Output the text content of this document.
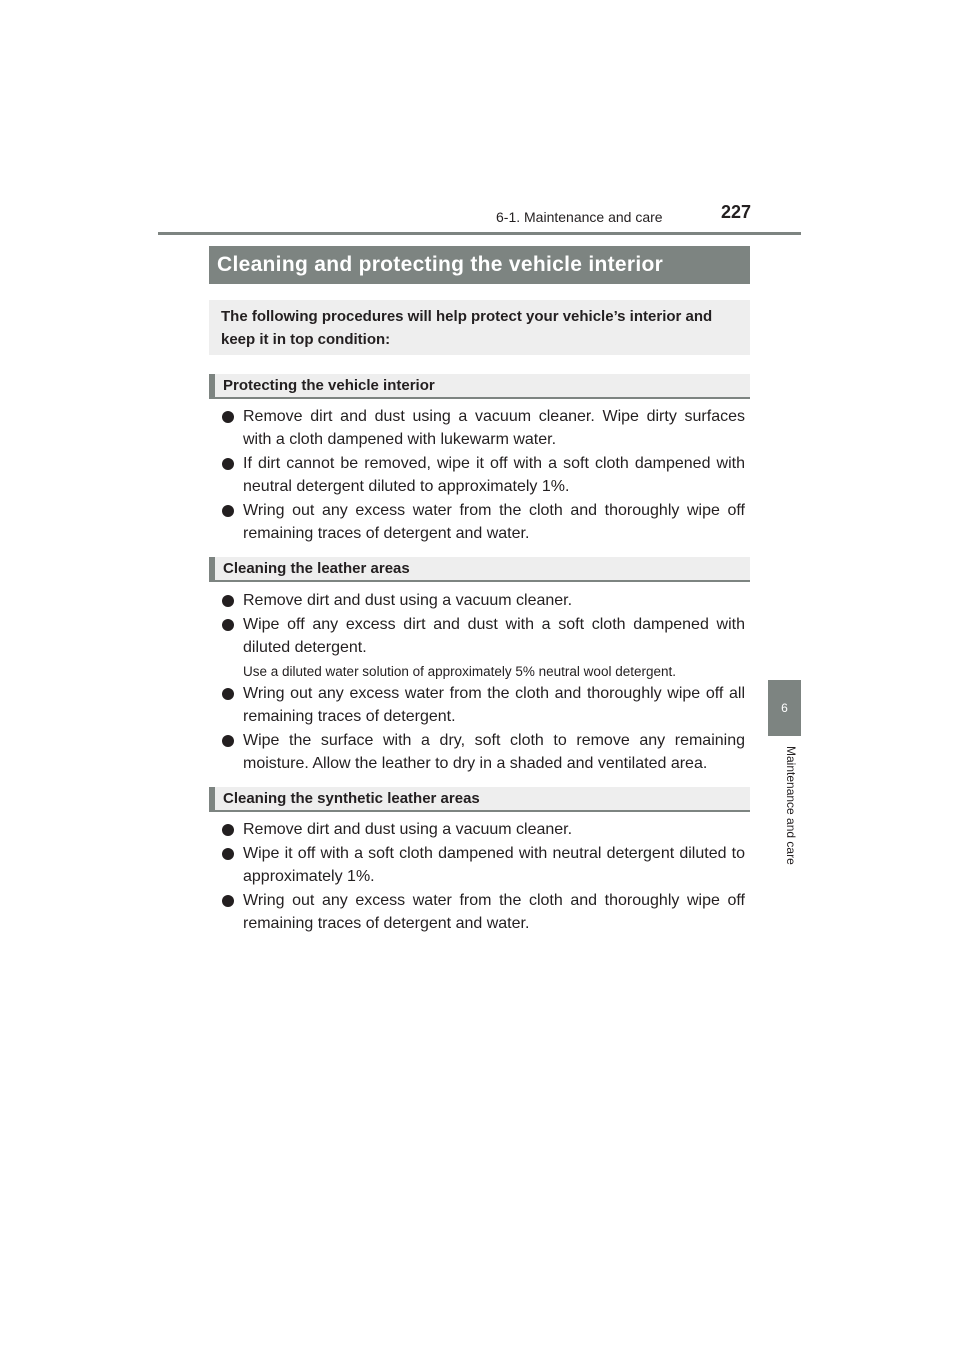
6-1. Maintenance and care	227
6
Maintenance and care
Cleaning and protecting the vehicle interior
The following procedures will help protect your vehicle’s interior and keep it in top condition:
Protecting the vehicle interior
Remove dirt and dust using a vacuum cleaner. Wipe dirty surfaces with a cloth dampened with lukewarm water.
If dirt cannot be removed, wipe it off with a soft cloth dampened with neutral detergent diluted to approximately 1%.
Wring out any excess water from the cloth and thoroughly wipe off remaining traces of detergent and water.
Cleaning the leather areas
Remove dirt and dust using a vacuum cleaner.
Wipe off any excess dirt and dust with a soft cloth dampened with diluted detergent.
Use a diluted water solution of approximately 5% neutral wool detergent.
Wring out any excess water from the cloth and thoroughly wipe off all remaining traces of detergent.
Wipe the surface with a dry, soft cloth to remove any remaining moisture. Allow the leather to dry in a shaded and ventilated area.
Cleaning the synthetic leather areas
Remove dirt and dust using a vacuum cleaner.
Wipe it off with a soft cloth dampened with neutral detergent diluted to approximately 1%.
Wring out any excess water from the cloth and thoroughly wipe off remaining traces of detergent and water.
